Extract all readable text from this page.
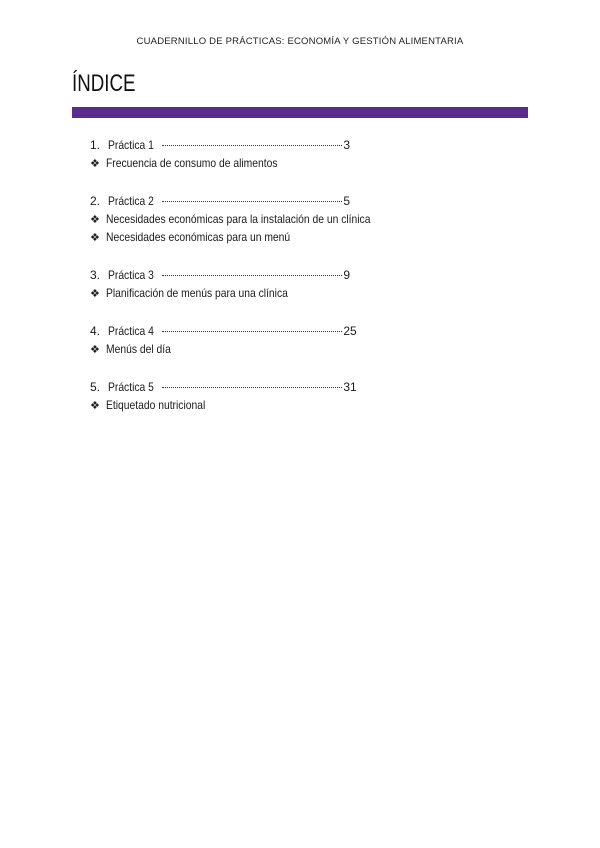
CUADERNILLO DE PRÁCTICAS: ECONOMÍA Y GESTIÓN ALIMENTARIA
ÍNDICE
1. Práctica 1	3
❖ Frecuencia de consumo de alimentos
2. Práctica 2	5
❖ Necesidades económicas para la instalación de un clínica
❖ Necesidades económicas para un menú
3. Práctica 3	9
❖ Planificación de menús para una clínica
4. Práctica 4	25
❖ Menús del día
5. Práctica 5	31
❖ Etiquetado nutricional
